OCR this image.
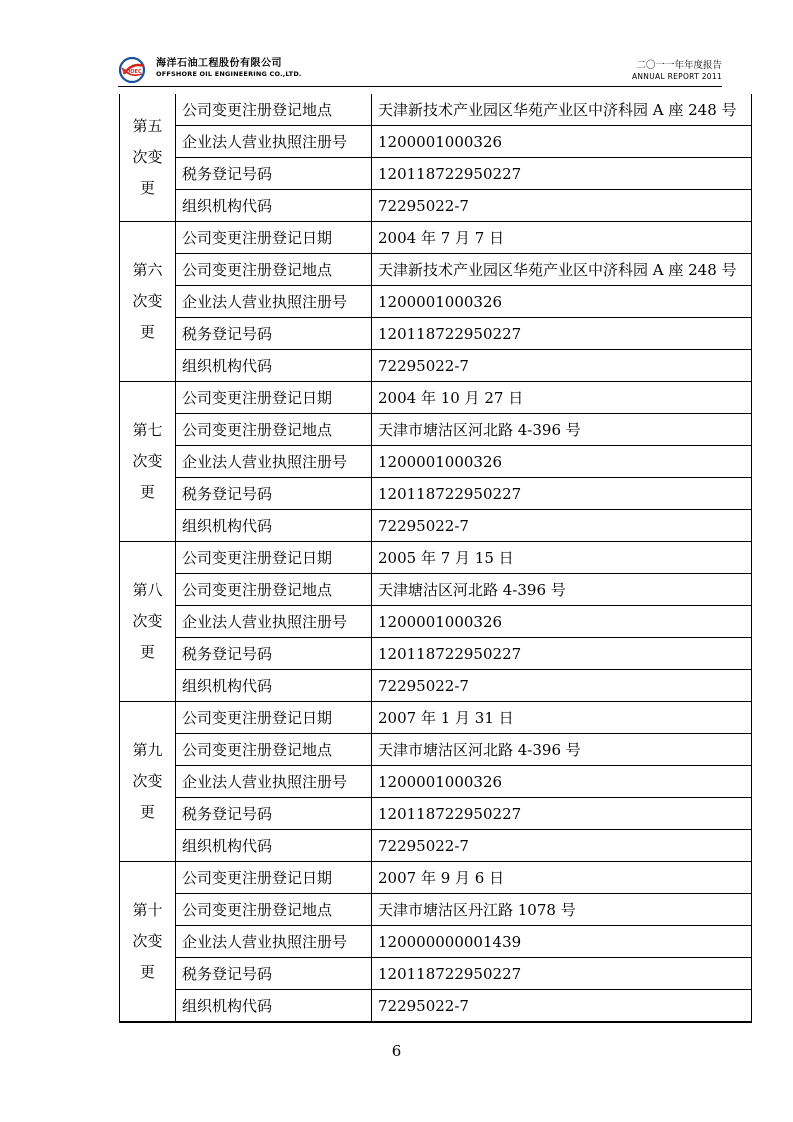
COOEC
海洋石油工程股份有限公司
OFFSHORE OIL ENGINEERING CO.,LTD.
二〇一一年年度报告
ANNUAL REPORT 2011
第五
次变
更	公司变更注册登记地点	天津新技术产业园区华苑产业区中济科园 A 座 248 号
	企业法人营业执照注册号	1200001000326
	税务登记号码	120118722950227
	组织机构代码	72295022-7

第六
次变
更	公司变更注册登记日期	2004 年 7 月 7 日
	公司变更注册登记地点	天津新技术产业园区华苑产业区中济科园 A 座 248 号
	企业法人营业执照注册号	1200001000326
	税务登记号码	120118722950227
	组织机构代码	72295022-7

第七
次变
更	公司变更注册登记日期	2004 年 10 月 27 日
	公司变更注册登记地点	天津市塘沽区河北路 4-396 号
	企业法人营业执照注册号	1200001000326
	税务登记号码	120118722950227
	组织机构代码	72295022-7

第八
次变
更	公司变更注册登记日期	2005 年 7 月 15 日
	公司变更注册登记地点	天津塘沽区河北路 4-396 号
	企业法人营业执照注册号	1200001000326
	税务登记号码	120118722950227
	组织机构代码	72295022-7

第九
次变
更	公司变更注册登记日期	2007 年 1 月 31 日
	公司变更注册登记地点	天津市塘沽区河北路 4-396 号
	企业法人营业执照注册号	1200001000326
	税务登记号码	120118722950227
	组织机构代码	72295022-7

第十
次变
更	公司变更注册登记日期	2007 年 9 月 6 日
	公司变更注册登记地点	天津市塘沽区丹江路 1078 号
	企业法人营业执照注册号	120000000001439
	税务登记号码	120118722950227
	组织机构代码	72295022-7
6
